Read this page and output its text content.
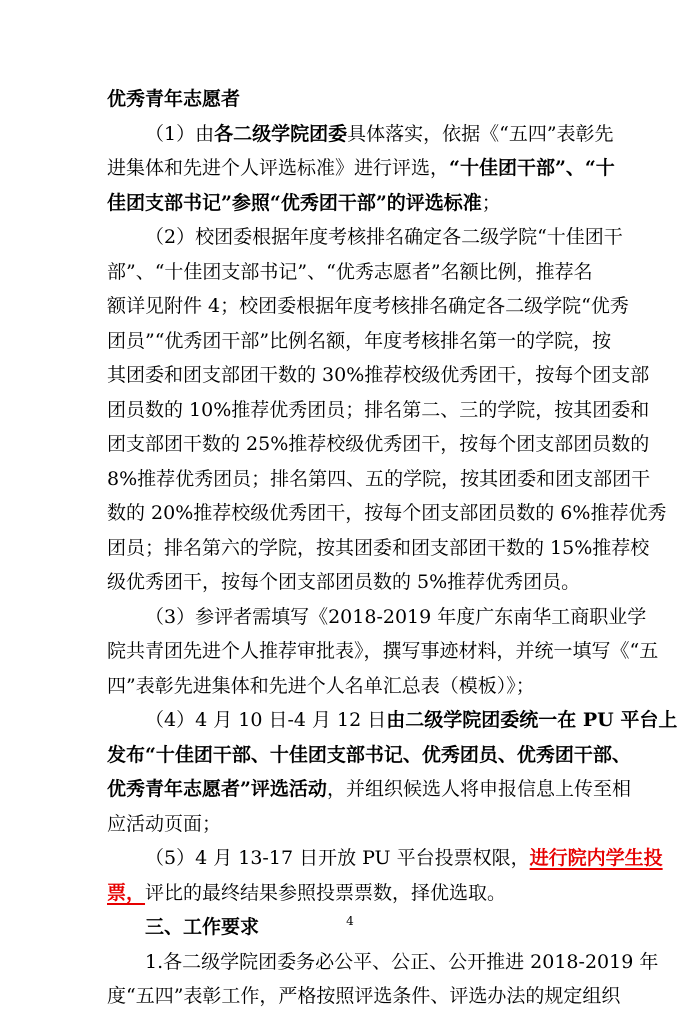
优秀青年志愿者
（1）由各二级学院团委具体落实，依据《“五四”表彰先
进集体和先进个人评选标准》进行评选，“十佳团干部”、“十
佳团支部书记”参照“优秀团干部”的评选标准；
（2）校团委根据年度考核排名确定各二级学院“十佳团干
部”、“十佳团支部书记”、“优秀志愿者”名额比例，推荐名
额详见附件 4；校团委根据年度考核排名确定各二级学院“优秀
团员”“优秀团干部”比例名额，年度考核排名第一的学院，按
其团委和团支部团干数的 30%推荐校级优秀团干，按每个团支部
团员数的 10%推荐优秀团员；排名第二、三的学院，按其团委和
团支部团干数的 25%推荐校级优秀团干，按每个团支部团员数的
8%推荐优秀团员；排名第四、五的学院，按其团委和团支部团干
数的 20%推荐校级优秀团干，按每个团支部团员数的 6%推荐优秀
团员；排名第六的学院，按其团委和团支部团干数的 15%推荐校
级优秀团干，按每个团支部团员数的 5%推荐优秀团员。
（3）参评者需填写《2018-2019 年度广东南华工商职业学
院共青团先进个人推荐审批表》，撰写事迹材料，并统一填写《“五
四”表彰先进集体和先进个人名单汇总表（模板）》；
（4）4 月 10 日-4 月 12 日由二级学院团委统一在 PU 平台上
发布“十佳团干部、十佳团支部书记、优秀团员、优秀团干部、
优秀青年志愿者”评选活动，并组织候选人将申报信息上传至相
应活动页面；
（5）4 月 13-17 日开放 PU 平台投票权限，进行院内学生投
票，评比的最终结果参照投票票数，择优选取。
三、工作要求
1.各二级学院团委务必公平、公正、公开推进 2018-2019 年
度“五四”表彰工作，严格按照评选条件、评选办法的规定组织
4
